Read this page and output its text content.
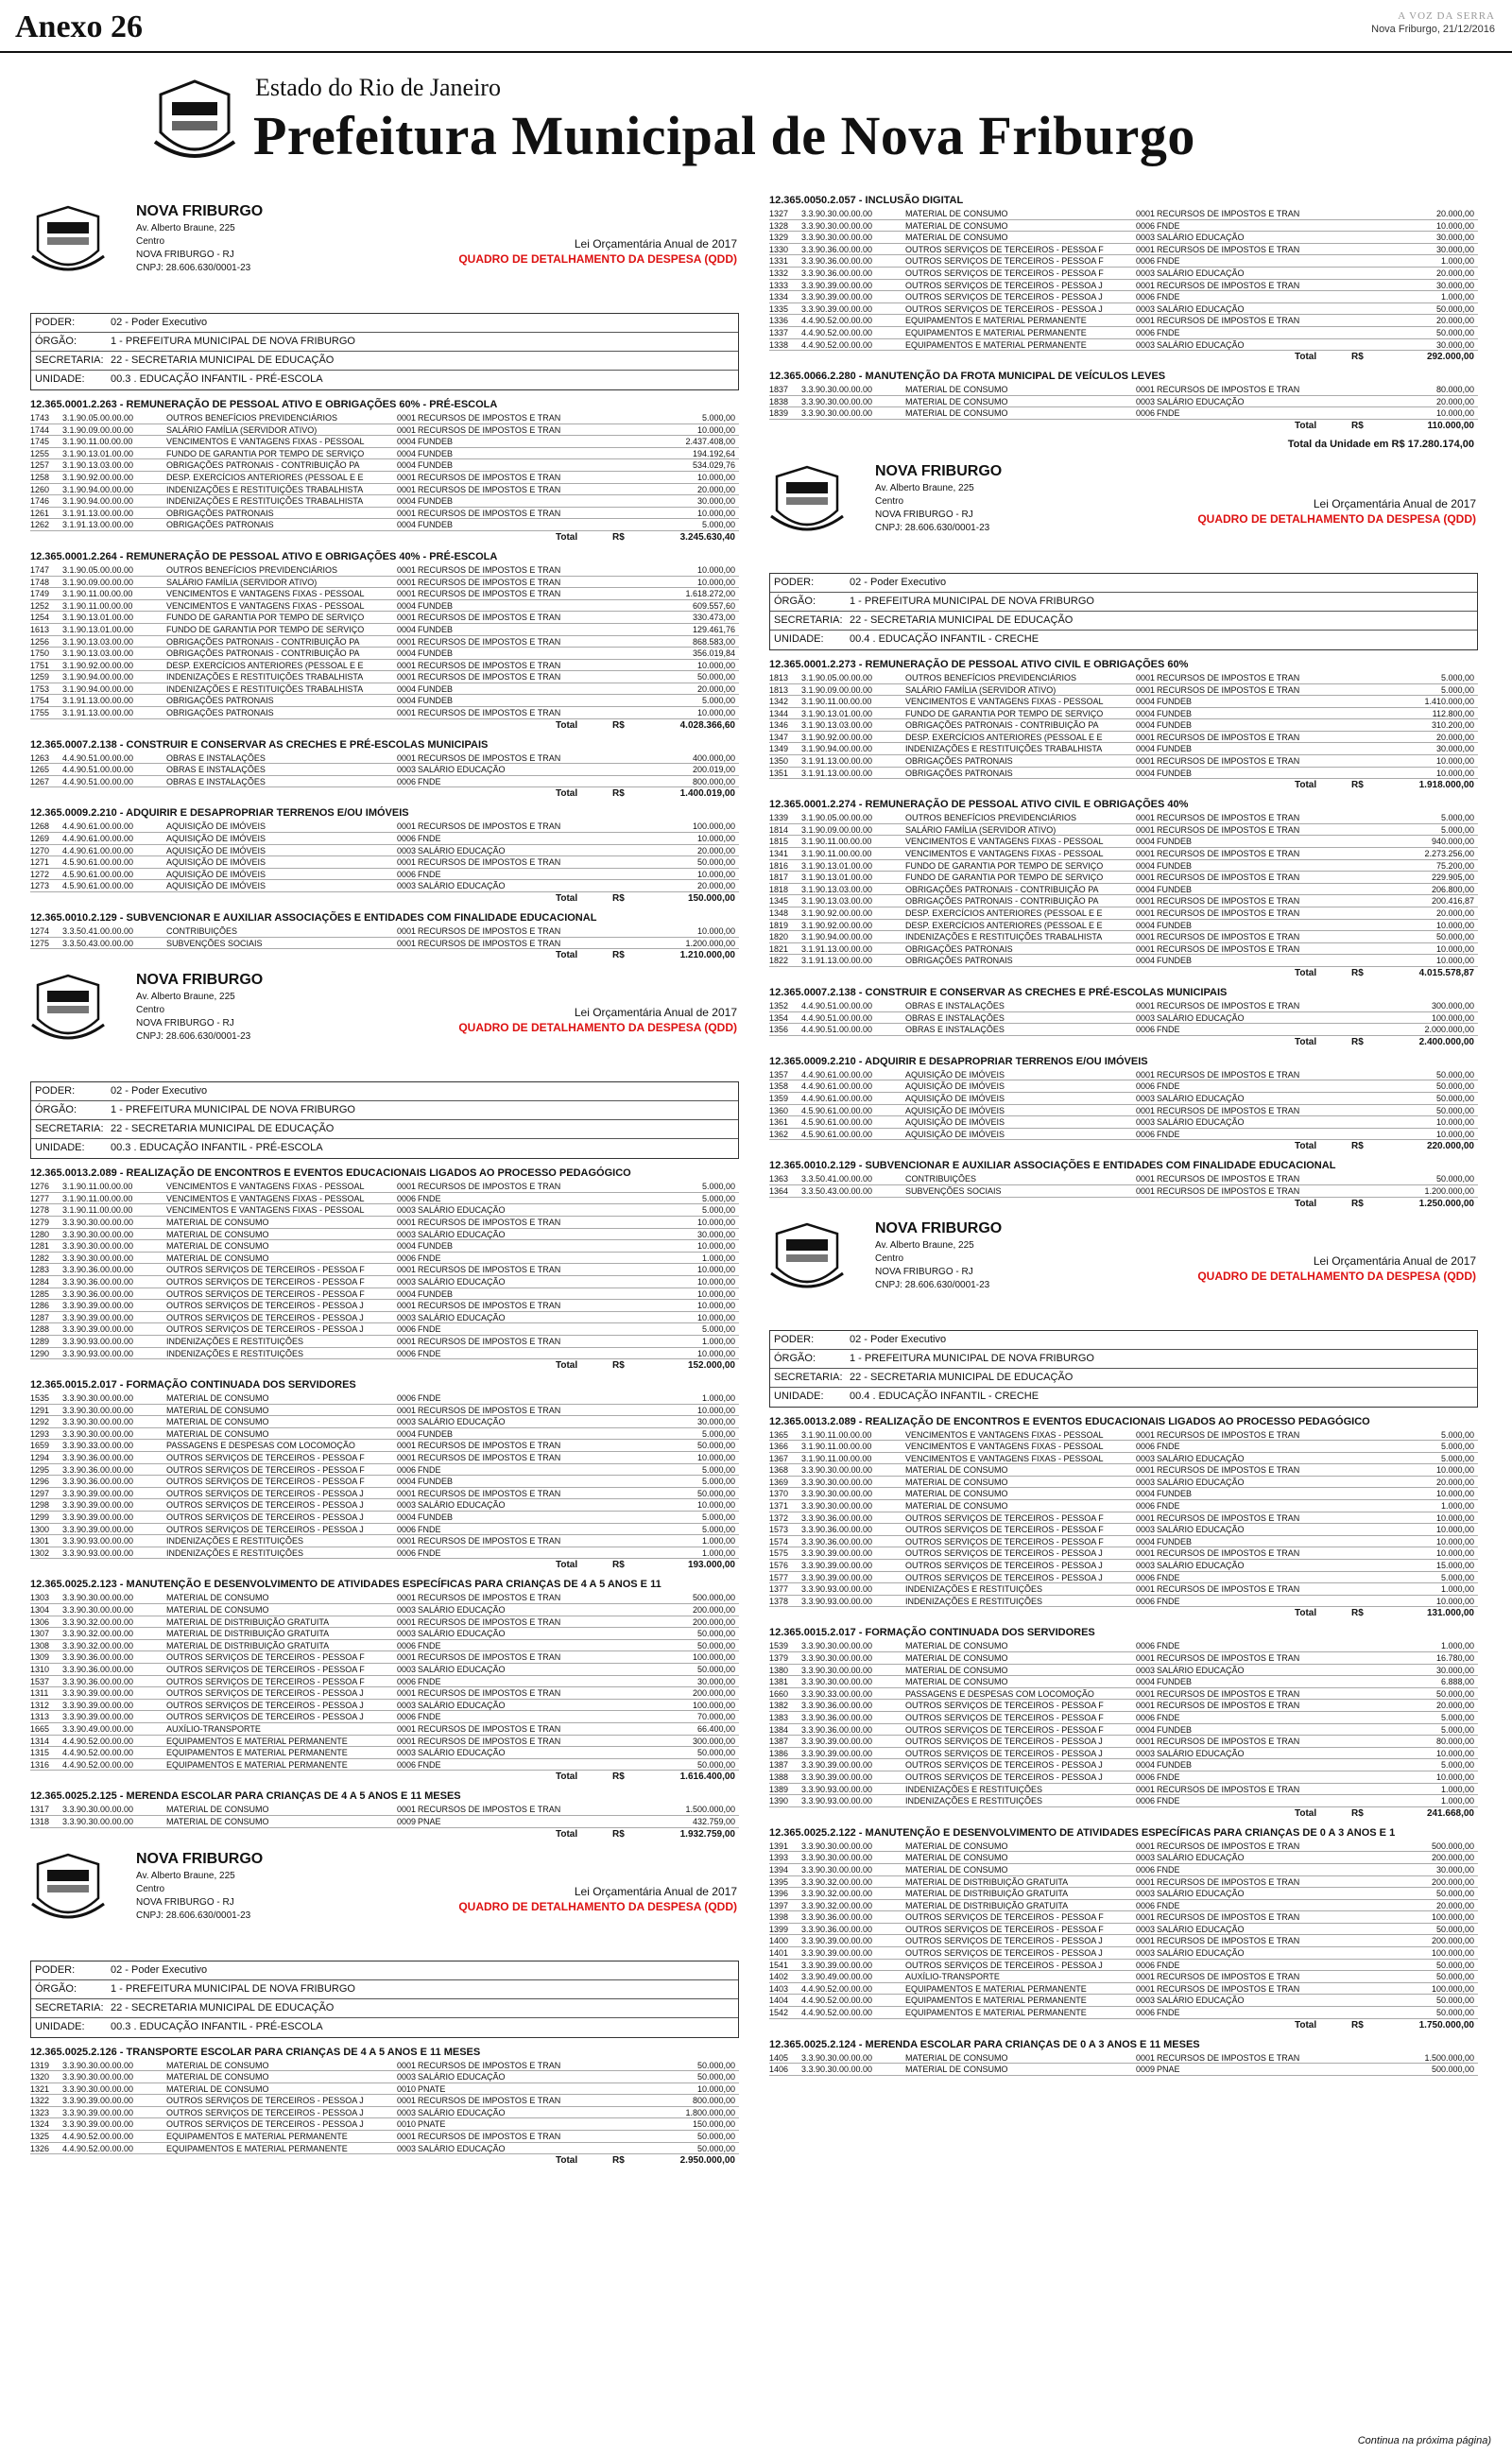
Anexo 26	A VOZ DA SERRA
Nova Friburgo, 21/12/2016
Estado do Rio de Janeiro
Prefeitura Municipal de Nova Friburgo
NOVA FRIBURGO
Av. Alberto Braune, 225
Centro
NOVA FRIBURGO - RJ
CNPJ: 28.606.630/0001-23
Lei Orçamentária Anual de 2017
QUADRO DE DETALHAMENTO DA DESPESA (QDD)
PODER:	02 - Poder Executivo
ÓRGÃO:	1 - PREFEITURA MUNICIPAL DE NOVA FRIBURGO
SECRETARIA: 22 - SECRETARIA MUNICIPAL DE EDUCAÇÃO
UNIDADE:	00.3 . EDUCAÇÃO INFANTIL - PRÉ-ESCOLA
12.365.0001.2.263 - REMUNERAÇÃO DE PESSOAL ATIVO E OBRIGAÇÕES 60% - PRÉ-ESCOLA
1743	3.1.90.05.00.00.00	OUTROS BENEFÍCIOS PREVIDENCIÁRIOS	0001 RECURSOS DE IMPOSTOS E TRAN	5.000,00
1744	3.1.90.09.00.00.00	SALÁRIO FAMÍLIA (SERVIDOR ATIVO)	0001 RECURSOS DE IMPOSTOS E TRAN	10.000,00
1745	3.1.90.11.00.00.00	VENCIMENTOS E VANTAGENS FIXAS - PESSOAL	0004 FUNDEB	2.437.408,00
1255	3.1.90.13.01.00.00	FUNDO DE GARANTIA POR TEMPO DE SERVIÇO	0004 FUNDEB	194.192,64
1257	3.1.90.13.03.00.00	OBRIGAÇÕES PATRONAIS - CONTRIBUIÇÃO PA	0004 FUNDEB	534.029,76
1258	3.1.90.92.00.00.00	DESP. EXERCÍCIOS ANTERIORES (PESSOAL E E	0001 RECURSOS DE IMPOSTOS E TRAN	10.000,00
1260	3.1.90.94.00.00.00	INDENIZAÇÕES E RESTITUIÇÕES TRABALHISTA	0001 RECURSOS DE IMPOSTOS E TRAN	20.000,00
1746	3.1.90.94.00.00.00	INDENIZAÇÕES E RESTITUIÇÕES TRABALHISTA	0004 FUNDEB	30.000,00
1261	3.1.91.13.00.00.00	OBRIGAÇÕES PATRONAIS	0001 RECURSOS DE IMPOSTOS E TRAN	10.000,00
1262	3.1.91.13.00.00.00	OBRIGAÇÕES PATRONAIS	0004 FUNDEB	5.000,00
Total	R$	3.245.630,40
12.365.0001.2.264 - REMUNERAÇÃO DE PESSOAL ATIVO E OBRIGAÇÕES 40% - PRÉ-ESCOLA
1747	3.1.90.05.00.00.00	OUTROS BENEFÍCIOS PREVIDENCIÁRIOS	0001 RECURSOS DE IMPOSTOS E TRAN	10.000,00
1748	3.1.90.09.00.00.00	SALÁRIO FAMÍLIA (SERVIDOR ATIVO)	0001 RECURSOS DE IMPOSTOS E TRAN	10.000,00
1749	3.1.90.11.00.00.00	VENCIMENTOS E VANTAGENS FIXAS - PESSOAL	0001 RECURSOS DE IMPOSTOS E TRAN	1.618.272,00
1252	3.1.90.11.00.00.00	VENCIMENTOS E VANTAGENS FIXAS - PESSOAL	0004 FUNDEB	609.557,60
1254	3.1.90.13.01.00.00	FUNDO DE GARANTIA POR TEMPO DE SERVIÇO	0001 RECURSOS DE IMPOSTOS E TRAN	330.473,00
1613	3.1.90.13.01.00.00	FUNDO DE GARANTIA POR TEMPO DE SERVIÇO	0004 FUNDEB	129.461,76
1256	3.1.90.13.03.00.00	OBRIGAÇÕES PATRONAIS - CONTRIBUIÇÃO PA	0001 RECURSOS DE IMPOSTOS E TRAN	868.583,00
1750	3.1.90.13.03.00.00	OBRIGAÇÕES PATRONAIS - CONTRIBUIÇÃO PA	0004 FUNDEB	356.019,84
1751	3.1.90.92.00.00.00	DESP. EXERCÍCIOS ANTERIORES (PESSOAL E E	0001 RECURSOS DE IMPOSTOS E TRAN	10.000,00
1259	3.1.90.94.00.00.00	INDENIZAÇÕES E RESTITUIÇÕES TRABALHISTA	0001 RECURSOS DE IMPOSTOS E TRAN	50.000,00
1753	3.1.90.94.00.00.00	INDENIZAÇÕES E RESTITUIÇÕES TRABALHISTA	0004 FUNDEB	20.000,00
1754	3.1.91.13.00.00.00	OBRIGAÇÕES PATRONAIS	0004 FUNDEB	5.000,00
1755	3.1.91.13.00.00.00	OBRIGAÇÕES PATRONAIS	0001 RECURSOS DE IMPOSTOS E TRAN	10.000,00
Total	R$	4.028.366,60
12.365.0007.2.138 - CONSTRUIR E CONSERVAR AS CRECHES E PRÉ-ESCOLAS MUNICIPAIS
1263	4.4.90.51.00.00.00	OBRAS E INSTALAÇÕES	0001 RECURSOS DE IMPOSTOS E TRAN	400.000,00
1265	4.4.90.51.00.00.00	OBRAS E INSTALAÇÕES	0003 SALÁRIO EDUCAÇÃO	200.019,00
1267	4.4.90.51.00.00.00	OBRAS E INSTALAÇÕES	0006 FNDE	800.000,00
Total	R$	1.400.019,00
12.365.0009.2.210 - ADQUIRIR E DESAPROPRIAR TERRENOS E/OU IMÓVEIS
1268	4.4.90.61.00.00.00	AQUISIÇÃO DE IMÓVEIS	0001 RECURSOS DE IMPOSTOS E TRAN	100.000,00
1269	4.4.90.61.00.00.00	AQUISIÇÃO DE IMÓVEIS	0006 FNDE	10.000,00
1270	4.4.90.61.00.00.00	AQUISIÇÃO DE IMÓVEIS	0003 SALÁRIO EDUCAÇÃO	20.000,00
1271	4.5.90.61.00.00.00	AQUISIÇÃO DE IMÓVEIS	0001 RECURSOS DE IMPOSTOS E TRAN	50.000,00
1272	4.5.90.61.00.00.00	AQUISIÇÃO DE IMÓVEIS	0006 FNDE	10.000,00
1273	4.5.90.61.00.00.00	AQUISIÇÃO DE IMÓVEIS	0003 SALÁRIO EDUCAÇÃO	20.000,00
Total	R$	150.000,00
12.365.0010.2.129 - SUBVENCIONAR E AUXILIAR ASSOCIAÇÕES E ENTIDADES COM FINALIDADE EDUCACIONAL
1274	3.3.50.41.00.00.00	CONTRIBUIÇÕES	0001 RECURSOS DE IMPOSTOS E TRAN	10.000,00
1275	3.3.50.43.00.00.00	SUBVENÇÕES SOCIAIS	0001 RECURSOS DE IMPOSTOS E TRAN	1.200.000,00
Total	R$	1.210.000,00
NOVA FRIBURGO
Av. Alberto Braune, 225
Centro
NOVA FRIBURGO - RJ
CNPJ: 28.606.630/0001-23
Lei Orçamentária Anual de 2017
QUADRO DE DETALHAMENTO DA DESPESA (QDD)
PODER:	02 - Poder Executivo
ÓRGÃO:	1 - PREFEITURA MUNICIPAL DE NOVA FRIBURGO
SECRETARIA: 22 - SECRETARIA MUNICIPAL DE EDUCAÇÃO
UNIDADE:	00.3 . EDUCAÇÃO INFANTIL - PRÉ-ESCOLA
12.365.0013.2.089 - REALIZAÇÃO DE ENCONTROS E EVENTOS EDUCACIONAIS LIGADOS AO PROCESSO PEDAGÓGICO
1276	3.1.90.11.00.00.00	VENCIMENTOS E VANTAGENS FIXAS - PESSOAL	0001 RECURSOS DE IMPOSTOS E TRAN	5.000,00
1277	3.1.90.11.00.00.00	VENCIMENTOS E VANTAGENS FIXAS - PESSOAL	0006 FNDE	5.000,00
1278	3.1.90.11.00.00.00	VENCIMENTOS E VANTAGENS FIXAS - PESSOAL	0003 SALÁRIO EDUCAÇÃO	5.000,00
1279	3.3.90.30.00.00.00	MATERIAL DE CONSUMO	0001 RECURSOS DE IMPOSTOS E TRAN	10.000,00
1280	3.3.90.30.00.00.00	MATERIAL DE CONSUMO	0003 SALÁRIO EDUCAÇÃO	30.000,00
1281	3.3.90.30.00.00.00	MATERIAL DE CONSUMO	0004 FUNDEB	10.000,00
1282	3.3.90.30.00.00.00	MATERIAL DE CONSUMO	0006 FNDE	1.000,00
1283	3.3.90.36.00.00.00	OUTROS SERVIÇOS DE TERCEIROS - PESSOA F	0001 RECURSOS DE IMPOSTOS E TRAN	10.000,00
1284	3.3.90.36.00.00.00	OUTROS SERVIÇOS DE TERCEIROS - PESSOA F	0003 SALÁRIO EDUCAÇÃO	10.000,00
1285	3.3.90.36.00.00.00	OUTROS SERVIÇOS DE TERCEIROS - PESSOA F	0004 FUNDEB	10.000,00
1286	3.3.90.39.00.00.00	OUTROS SERVIÇOS DE TERCEIROS - PESSOA J	0001 RECURSOS DE IMPOSTOS E TRAN	10.000,00
1287	3.3.90.39.00.00.00	OUTROS SERVIÇOS DE TERCEIROS - PESSOA J	0003 SALÁRIO EDUCAÇÃO	10.000,00
1288	3.3.90.39.00.00.00	OUTROS SERVIÇOS DE TERCEIROS - PESSOA J	0006 FNDE	5.000,00
1289	3.3.90.93.00.00.00	INDENIZAÇÕES E RESTITUIÇÕES	0001 RECURSOS DE IMPOSTOS E TRAN	1.000,00
1290	3.3.90.93.00.00.00	INDENIZAÇÕES E RESTITUIÇÕES	0006 FNDE	10.000,00
Total	R$	152.000,00
12.365.0015.2.017 - FORMAÇÃO CONTINUADA DOS SERVIDORES
1535	3.3.90.30.00.00.00	MATERIAL DE CONSUMO	0006 FNDE	1.000,00
1291	3.3.90.30.00.00.00	MATERIAL DE CONSUMO	0001 RECURSOS DE IMPOSTOS E TRAN	10.000,00
1292	3.3.90.30.00.00.00	MATERIAL DE CONSUMO	0003 SALÁRIO EDUCAÇÃO	30.000,00
1293	3.3.90.30.00.00.00	MATERIAL DE CONSUMO	0004 FUNDEB	5.000,00
1659	3.3.90.33.00.00.00	PASSAGENS E DESPESAS COM LOCOMOÇÃO	0001 RECURSOS DE IMPOSTOS E TRAN	50.000,00
1294	3.3.90.36.00.00.00	OUTROS SERVIÇOS DE TERCEIROS - PESSOA F	0001 RECURSOS DE IMPOSTOS E TRAN	10.000,00
1295	3.3.90.36.00.00.00	OUTROS SERVIÇOS DE TERCEIROS - PESSOA F	0006 FNDE	5.000,00
1296	3.3.90.36.00.00.00	OUTROS SERVIÇOS DE TERCEIROS - PESSOA F	0004 FUNDEB	5.000,00
1297	3.3.90.39.00.00.00	OUTROS SERVIÇOS DE TERCEIROS - PESSOA J	0001 RECURSOS DE IMPOSTOS E TRAN	50.000,00
1298	3.3.90.39.00.00.00	OUTROS SERVIÇOS DE TERCEIROS - PESSOA J	0003 SALÁRIO EDUCAÇÃO	10.000,00
1299	3.3.90.39.00.00.00	OUTROS SERVIÇOS DE TERCEIROS - PESSOA J	0004 FUNDEB	5.000,00
1300	3.3.90.39.00.00.00	OUTROS SERVIÇOS DE TERCEIROS - PESSOA J	0006 FNDE	5.000,00
1301	3.3.90.93.00.00.00	INDENIZAÇÕES E RESTITUIÇÕES	0001 RECURSOS DE IMPOSTOS E TRAN	1.000,00
1302	3.3.90.93.00.00.00	INDENIZAÇÕES E RESTITUIÇÕES	0006 FNDE	1.000,00
Total	R$	193.000,00
12.365.0025.2.123 - MANUTENÇÃO E DESENVOLVIMENTO DE ATIVIDADES ESPECÍFICAS PARA CRIANÇAS DE 4 A 5 ANOS E 11
1303	3.3.90.30.00.00.00	MATERIAL DE CONSUMO	0001 RECURSOS DE IMPOSTOS E TRAN	500.000,00
1304	3.3.90.30.00.00.00	MATERIAL DE CONSUMO	0003 SALÁRIO EDUCAÇÃO	200.000,00
1306	3.3.90.32.00.00.00	MATERIAL DE DISTRIBUIÇÃO GRATUITA	0001 RECURSOS DE IMPOSTOS E TRAN	200.000,00
1307	3.3.90.32.00.00.00	MATERIAL DE DISTRIBUIÇÃO GRATUITA	0003 SALÁRIO EDUCAÇÃO	50.000,00
1308	3.3.90.32.00.00.00	MATERIAL DE DISTRIBUIÇÃO GRATUITA	0006 FNDE	50.000,00
1309	3.3.90.36.00.00.00	OUTROS SERVIÇOS DE TERCEIROS - PESSOA F	0001 RECURSOS DE IMPOSTOS E TRAN	100.000,00
1310	3.3.90.36.00.00.00	OUTROS SERVIÇOS DE TERCEIROS - PESSOA F	0003 SALÁRIO EDUCAÇÃO	50.000,00
1537	3.3.90.36.00.00.00	OUTROS SERVIÇOS DE TERCEIROS - PESSOA F	0006 FNDE	30.000,00
1311	3.3.90.39.00.00.00	OUTROS SERVIÇOS DE TERCEIROS - PESSOA J	0001 RECURSOS DE IMPOSTOS E TRAN	200.000,00
1312	3.3.90.39.00.00.00	OUTROS SERVIÇOS DE TERCEIROS - PESSOA J	0003 SALÁRIO EDUCAÇÃO	100.000,00
1313	3.3.90.39.00.00.00	OUTROS SERVIÇOS DE TERCEIROS - PESSOA J	0006 FNDE	70.000,00
1665	3.3.90.49.00.00.00	AUXÍLIO-TRANSPORTE	0001 RECURSOS DE IMPOSTOS E TRAN	66.400,00
1314	4.4.90.52.00.00.00	EQUIPAMENTOS E MATERIAL PERMANENTE	0001 RECURSOS DE IMPOSTOS E TRAN	300.000,00
1315	4.4.90.52.00.00.00	EQUIPAMENTOS E MATERIAL PERMANENTE	0003 SALÁRIO EDUCAÇÃO	50.000,00
1316	4.4.90.52.00.00.00	EQUIPAMENTOS E MATERIAL PERMANENTE	0006 FNDE	50.000,00
Total	R$	1.616.400,00
12.365.0025.2.125 - MERENDA ESCOLAR PARA CRIANÇAS DE 4 A 5 ANOS E 11 MESES
1317	3.3.90.30.00.00.00	MATERIAL DE CONSUMO	0001 RECURSOS DE IMPOSTOS E TRAN	1.500.000,00
1318	3.3.90.30.00.00.00	MATERIAL DE CONSUMO	0009 PNAE	432.759,00
Total	R$	1.932.759,00
NOVA FRIBURGO
Av. Alberto Braune, 225
Centro
NOVA FRIBURGO - RJ
CNPJ: 28.606.630/0001-23
Lei Orçamentária Anual de 2017
QUADRO DE DETALHAMENTO DA DESPESA (QDD)
PODER:	02 - Poder Executivo
ÓRGÃO:	1 - PREFEITURA MUNICIPAL DE NOVA FRIBURGO
SECRETARIA: 22 - SECRETARIA MUNICIPAL DE EDUCAÇÃO
UNIDADE:	00.3 . EDUCAÇÃO INFANTIL - PRÉ-ESCOLA
12.365.0025.2.126 - TRANSPORTE ESCOLAR PARA CRIANÇAS DE 4 A 5 ANOS E 11 MESES
1319	3.3.90.30.00.00.00	MATERIAL DE CONSUMO	0001 RECURSOS DE IMPOSTOS E TRAN	50.000,00
1320	3.3.90.30.00.00.00	MATERIAL DE CONSUMO	0003 SALÁRIO EDUCAÇÃO	50.000,00
1321	3.3.90.30.00.00.00	MATERIAL DE CONSUMO	0010 PNATE	10.000,00
1322	3.3.90.39.00.00.00	OUTROS SERVIÇOS DE TERCEIROS - PESSOA J	0001 RECURSOS DE IMPOSTOS E TRAN	800.000,00
1323	3.3.90.39.00.00.00	OUTROS SERVIÇOS DE TERCEIROS - PESSOA J	0003 SALÁRIO EDUCAÇÃO	1.800.000,00
1324	3.3.90.39.00.00.00	OUTROS SERVIÇOS DE TERCEIROS - PESSOA J	0010 PNATE	150.000,00
1325	4.4.90.52.00.00.00	EQUIPAMENTOS E MATERIAL PERMANENTE	0001 RECURSOS DE IMPOSTOS E TRAN	50.000,00
1326	4.4.90.52.00.00.00	EQUIPAMENTOS E MATERIAL PERMANENTE	0003 SALÁRIO EDUCAÇÃO	50.000,00
Total	R$	2.950.000,00
12.365.0050.2.057 - INCLUSÃO DIGITAL
1327	3.3.90.30.00.00.00	MATERIAL DE CONSUMO	0001 RECURSOS DE IMPOSTOS E TRAN	20.000,00
1328	3.3.90.30.00.00.00	MATERIAL DE CONSUMO	0006 FNDE	10.000,00
1329	3.3.90.30.00.00.00	MATERIAL DE CONSUMO	0003 SALÁRIO EDUCAÇÃO	30.000,00
1330	3.3.90.36.00.00.00	OUTROS SERVIÇOS DE TERCEIROS - PESSOA F	0001 RECURSOS DE IMPOSTOS E TRAN	30.000,00
1331	3.3.90.36.00.00.00	OUTROS SERVIÇOS DE TERCEIROS - PESSOA F	0006 FNDE	1.000,00
1332	3.3.90.36.00.00.00	OUTROS SERVIÇOS DE TERCEIROS - PESSOA F	0003 SALÁRIO EDUCAÇÃO	20.000,00
1333	3.3.90.39.00.00.00	OUTROS SERVIÇOS DE TERCEIROS - PESSOA J	0001 RECURSOS DE IMPOSTOS E TRAN	30.000,00
1334	3.3.90.39.00.00.00	OUTROS SERVIÇOS DE TERCEIROS - PESSOA J	0006 FNDE	1.000,00
1335	3.3.90.39.00.00.00	OUTROS SERVIÇOS DE TERCEIROS - PESSOA J	0003 SALÁRIO EDUCAÇÃO	50.000,00
1336	4.4.90.52.00.00.00	EQUIPAMENTOS E MATERIAL PERMANENTE	0001 RECURSOS DE IMPOSTOS E TRAN	20.000,00
1337	4.4.90.52.00.00.00	EQUIPAMENTOS E MATERIAL PERMANENTE	0006 FNDE	50.000,00
1338	4.4.90.52.00.00.00	EQUIPAMENTOS E MATERIAL PERMANENTE	0003 SALÁRIO EDUCAÇÃO	30.000,00
Total	R$	292.000,00
12.365.0066.2.280 - MANUTENÇÃO DA FROTA MUNICIPAL DE VEÍCULOS LEVES
1837	3.3.90.30.00.00.00	MATERIAL DE CONSUMO	0001 RECURSOS DE IMPOSTOS E TRAN	80.000,00
1838	3.3.90.30.00.00.00	MATERIAL DE CONSUMO	0003 SALÁRIO EDUCAÇÃO	20.000,00
1839	3.3.90.30.00.00.00	MATERIAL DE CONSUMO	0006 FNDE	10.000,00
Total	R$	110.000,00
Total da Unidade em R$ 17.280.174,00
NOVA FRIBURGO
Av. Alberto Braune, 225
Centro
NOVA FRIBURGO - RJ
CNPJ: 28.606.630/0001-23
Lei Orçamentária Anual de 2017
QUADRO DE DETALHAMENTO DA DESPESA (QDD)
PODER:	02 - Poder Executivo
ÓRGÃO:	1 - PREFEITURA MUNICIPAL DE NOVA FRIBURGO
SECRETARIA: 22 - SECRETARIA MUNICIPAL DE EDUCAÇÃO
UNIDADE:	00.4 . EDUCAÇÃO INFANTIL - CRECHE
12.365.0001.2.273 - REMUNERAÇÃO DE PESSOAL ATIVO CIVIL E OBRIGAÇÕES 60%
1813	3.1.90.05.00.00.00	OUTROS BENEFÍCIOS PREVIDENCIÁRIOS	0001 RECURSOS DE IMPOSTOS E TRAN	5.000,00
1813	3.1.90.09.00.00.00	SALÁRIO FAMÍLIA (SERVIDOR ATIVO)	0001 RECURSOS DE IMPOSTOS E TRAN	5.000,00
1342	3.1.90.11.00.00.00	VENCIMENTOS E VANTAGENS FIXAS - PESSOAL	0004 FUNDEB	1.410.000,00
1344	3.1.90.13.01.00.00	FUNDO DE GARANTIA POR TEMPO DE SERVIÇO	0004 FUNDEB	112.800,00
1346	3.1.90.13.03.00.00	OBRIGAÇÕES PATRONAIS - CONTRIBUIÇÃO PA	0004 FUNDEB	310.200,00
1347	3.1.90.92.00.00.00	DESP. EXERCÍCIOS ANTERIORES (PESSOAL E E	0001 RECURSOS DE IMPOSTOS E TRAN	20.000,00
1349	3.1.90.94.00.00.00	INDENIZAÇÕES E RESTITUIÇÕES TRABALHISTA	0004 FUNDEB	30.000,00
1350	3.1.91.13.00.00.00	OBRIGAÇÕES PATRONAIS	0001 RECURSOS DE IMPOSTOS E TRAN	10.000,00
1351	3.1.91.13.00.00.00	OBRIGAÇÕES PATRONAIS	0004 FUNDEB	10.000,00
Total	R$	1.918.000,00
12.365.0001.2.274 - REMUNERAÇÃO DE PESSOAL ATIVO CIVIL E OBRIGAÇÕES 40%
1339	3.1.90.05.00.00.00	OUTROS BENEFÍCIOS PREVIDENCIÁRIOS	0001 RECURSOS DE IMPOSTOS E TRAN	5.000,00
1814	3.1.90.09.00.00.00	SALÁRIO FAMÍLIA (SERVIDOR ATIVO)	0001 RECURSOS DE IMPOSTOS E TRAN	5.000,00
1815	3.1.90.11.00.00.00	VENCIMENTOS E VANTAGENS FIXAS - PESSOAL	0004 FUNDEB	940.000,00
1341	3.1.90.11.00.00.00	VENCIMENTOS E VANTAGENS FIXAS - PESSOAL	0001 RECURSOS DE IMPOSTOS E TRAN	2.273.256,00
1816	3.1.90.13.01.00.00	FUNDO DE GARANTIA POR TEMPO DE SERVIÇO	0004 FUNDEB	75.200,00
1817	3.1.90.13.01.00.00	FUNDO DE GARANTIA POR TEMPO DE SERVIÇO	0001 RECURSOS DE IMPOSTOS E TRAN	229.905,00
1818	3.1.90.13.03.00.00	OBRIGAÇÕES PATRONAIS - CONTRIBUIÇÃO PA	0004 FUNDEB	206.800,00
1345	3.1.90.13.03.00.00	OBRIGAÇÕES PATRONAIS - CONTRIBUIÇÃO PA	0001 RECURSOS DE IMPOSTOS E TRAN	200.416,87
1348	3.1.90.92.00.00.00	DESP. EXERCÍCIOS ANTERIORES (PESSOAL E E	0001 RECURSOS DE IMPOSTOS E TRAN	20.000,00
1819	3.1.90.92.00.00.00	DESP. EXERCÍCIOS ANTERIORES (PESSOAL E E	0004 FUNDEB	10.000,00
1820	3.1.90.94.00.00.00	INDENIZAÇÕES E RESTITUIÇÕES TRABALHISTA	0001 RECURSOS DE IMPOSTOS E TRAN	50.000,00
1821	3.1.91.13.00.00.00	OBRIGAÇÕES PATRONAIS	0001 RECURSOS DE IMPOSTOS E TRAN	10.000,00
1822	3.1.91.13.00.00.00	OBRIGAÇÕES PATRONAIS	0004 FUNDEB	10.000,00
Total	R$	4.015.578,87
12.365.0007.2.138 - CONSTRUIR E CONSERVAR AS CRECHES E PRÉ-ESCOLAS MUNICIPAIS
1352	4.4.90.51.00.00.00	OBRAS E INSTALAÇÕES	0001 RECURSOS DE IMPOSTOS E TRAN	300.000,00
1354	4.4.90.51.00.00.00	OBRAS E INSTALAÇÕES	0003 SALÁRIO EDUCAÇÃO	100.000,00
1356	4.4.90.51.00.00.00	OBRAS E INSTALAÇÕES	0006 FNDE	2.000.000,00
Total	R$	2.400.000,00
12.365.0009.2.210 - ADQUIRIR E DESAPROPRIAR TERRENOS E/OU IMÓVEIS
1357	4.4.90.61.00.00.00	AQUISIÇÃO DE IMÓVEIS	0001 RECURSOS DE IMPOSTOS E TRAN	50.000,00
1358	4.4.90.61.00.00.00	AQUISIÇÃO DE IMÓVEIS	0006 FNDE	50.000,00
1359	4.4.90.61.00.00.00	AQUISIÇÃO DE IMÓVEIS	0003 SALÁRIO EDUCAÇÃO	50.000,00
1360	4.5.90.61.00.00.00	AQUISIÇÃO DE IMÓVEIS	0001 RECURSOS DE IMPOSTOS E TRAN	50.000,00
1361	4.5.90.61.00.00.00	AQUISIÇÃO DE IMÓVEIS	0003 SALÁRIO EDUCAÇÃO	10.000,00
1362	4.5.90.61.00.00.00	AQUISIÇÃO DE IMÓVEIS	0006 FNDE	10.000,00
Total	R$	220.000,00
12.365.0010.2.129 - SUBVENCIONAR E AUXILIAR ASSOCIAÇÕES E ENTIDADES COM FINALIDADE EDUCACIONAL
1363	3.3.50.41.00.00.00	CONTRIBUIÇÕES	0001 RECURSOS DE IMPOSTOS E TRAN	50.000,00
1364	3.3.50.43.00.00.00	SUBVENÇÕES SOCIAIS	0001 RECURSOS DE IMPOSTOS E TRAN	1.200.000,00
Total	R$	1.250.000,00
NOVA FRIBURGO
Av. Alberto Braune, 225
Centro
NOVA FRIBURGO - RJ
CNPJ: 28.606.630/0001-23
Lei Orçamentária Anual de 2017
QUADRO DE DETALHAMENTO DA DESPESA (QDD)
PODER:	02 - Poder Executivo
ÓRGÃO:	1 - PREFEITURA MUNICIPAL DE NOVA FRIBURGO
SECRETARIA: 22 - SECRETARIA MUNICIPAL DE EDUCAÇÃO
UNIDADE:	00.4 . EDUCAÇÃO INFANTIL - CRECHE
12.365.0013.2.089 - REALIZAÇÃO DE ENCONTROS E EVENTOS EDUCACIONAIS LIGADOS AO PROCESSO PEDAGÓGICO
1365	3.1.90.11.00.00.00	VENCIMENTOS E VANTAGENS FIXAS - PESSOAL	0001 RECURSOS DE IMPOSTOS E TRAN	5.000,00
1366	3.1.90.11.00.00.00	VENCIMENTOS E VANTAGENS FIXAS - PESSOAL	0006 FNDE	5.000,00
1367	3.1.90.11.00.00.00	VENCIMENTOS E VANTAGENS FIXAS - PESSOAL	0003 SALÁRIO EDUCAÇÃO	5.000,00
1368	3.3.90.30.00.00.00	MATERIAL DE CONSUMO	0001 RECURSOS DE IMPOSTOS E TRAN	10.000,00
1369	3.3.90.30.00.00.00	MATERIAL DE CONSUMO	0003 SALÁRIO EDUCAÇÃO	20.000,00
1370	3.3.90.30.00.00.00	MATERIAL DE CONSUMO	0004 FUNDEB	10.000,00
1371	3.3.90.30.00.00.00	MATERIAL DE CONSUMO	0006 FNDE	1.000,00
1372	3.3.90.36.00.00.00	OUTROS SERVIÇOS DE TERCEIROS - PESSOA F	0001 RECURSOS DE IMPOSTOS E TRAN	10.000,00
1573	3.3.90.36.00.00.00	OUTROS SERVIÇOS DE TERCEIROS - PESSOA F	0003 SALÁRIO EDUCAÇÃO	10.000,00
1574	3.3.90.36.00.00.00	OUTROS SERVIÇOS DE TERCEIROS - PESSOA F	0004 FUNDEB	10.000,00
1575	3.3.90.39.00.00.00	OUTROS SERVIÇOS DE TERCEIROS - PESSOA J	0001 RECURSOS DE IMPOSTOS E TRAN	10.000,00
1576	3.3.90.39.00.00.00	OUTROS SERVIÇOS DE TERCEIROS - PESSOA J	0003 SALÁRIO EDUCAÇÃO	15.000,00
1577	3.3.90.39.00.00.00	OUTROS SERVIÇOS DE TERCEIROS - PESSOA J	0006 FNDE	5.000,00
1377	3.3.90.93.00.00.00	INDENIZAÇÕES E RESTITUIÇÕES	0001 RECURSOS DE IMPOSTOS E TRAN	1.000,00
1378	3.3.90.93.00.00.00	INDENIZAÇÕES E RESTITUIÇÕES	0006 FNDE	10.000,00
Total	R$	131.000,00
12.365.0015.2.017 - FORMAÇÃO CONTINUADA DOS SERVIDORES
1539	3.3.90.30.00.00.00	MATERIAL DE CONSUMO	0006 FNDE	1.000,00
1379	3.3.90.30.00.00.00	MATERIAL DE CONSUMO	0001 RECURSOS DE IMPOSTOS E TRAN	16.780,00
1380	3.3.90.30.00.00.00	MATERIAL DE CONSUMO	0003 SALÁRIO EDUCAÇÃO	30.000,00
1381	3.3.90.30.00.00.00	MATERIAL DE CONSUMO	0004 FUNDEB	6.888,00
1660	3.3.90.33.00.00.00	PASSAGENS E DESPESAS COM LOCOMOÇÃO	0001 RECURSOS DE IMPOSTOS E TRAN	50.000,00
1382	3.3.90.36.00.00.00	OUTROS SERVIÇOS DE TERCEIROS - PESSOA F	0001 RECURSOS DE IMPOSTOS E TRAN	20.000,00
1383	3.3.90.36.00.00.00	OUTROS SERVIÇOS DE TERCEIROS - PESSOA F	0006 FNDE	5.000,00
1384	3.3.90.36.00.00.00	OUTROS SERVIÇOS DE TERCEIROS - PESSOA F	0004 FUNDEB	5.000,00
1387	3.3.90.39.00.00.00	OUTROS SERVIÇOS DE TERCEIROS - PESSOA J	0001 RECURSOS DE IMPOSTOS E TRAN	80.000,00
1386	3.3.90.39.00.00.00	OUTROS SERVIÇOS DE TERCEIROS - PESSOA J	0003 SALÁRIO EDUCAÇÃO	10.000,00
1387	3.3.90.39.00.00.00	OUTROS SERVIÇOS DE TERCEIROS - PESSOA J	0004 FUNDEB	5.000,00
1388	3.3.90.39.00.00.00	OUTROS SERVIÇOS DE TERCEIROS - PESSOA J	0006 FNDE	10.000,00
1389	3.3.90.93.00.00.00	INDENIZAÇÕES E RESTITUIÇÕES	0001 RECURSOS DE IMPOSTOS E TRAN	1.000,00
1390	3.3.90.93.00.00.00	INDENIZAÇÕES E RESTITUIÇÕES	0006 FNDE	1.000,00
Total	R$	241.668,00
12.365.0025.2.122 - MANUTENÇÃO E DESENVOLVIMENTO DE ATIVIDADES ESPECÍFICAS PARA CRIANÇAS DE 0 A 3 ANOS E 1
1391	3.3.90.30.00.00.00	MATERIAL DE CONSUMO	0001 RECURSOS DE IMPOSTOS E TRAN	500.000,00
1393	3.3.90.30.00.00.00	MATERIAL DE CONSUMO	0003 SALÁRIO EDUCAÇÃO	200.000,00
1394	3.3.90.30.00.00.00	MATERIAL DE CONSUMO	0006 FNDE	30.000,00
1395	3.3.90.32.00.00.00	MATERIAL DE DISTRIBUIÇÃO GRATUITA	0001 RECURSOS DE IMPOSTOS E TRAN	200.000,00
1396	3.3.90.32.00.00.00	MATERIAL DE DISTRIBUIÇÃO GRATUITA	0003 SALÁRIO EDUCAÇÃO	50.000,00
1397	3.3.90.32.00.00.00	MATERIAL DE DISTRIBUIÇÃO GRATUITA	0006 FNDE	20.000,00
1398	3.3.90.36.00.00.00	OUTROS SERVIÇOS DE TERCEIROS - PESSOA F	0001 RECURSOS DE IMPOSTOS E TRAN	100.000,00
1399	3.3.90.36.00.00.00	OUTROS SERVIÇOS DE TERCEIROS - PESSOA F	0003 SALÁRIO EDUCAÇÃO	50.000,00
1400	3.3.90.39.00.00.00	OUTROS SERVIÇOS DE TERCEIROS - PESSOA J	0001 RECURSOS DE IMPOSTOS E TRAN	200.000,00
1401	3.3.90.39.00.00.00	OUTROS SERVIÇOS DE TERCEIROS - PESSOA J	0003 SALÁRIO EDUCAÇÃO	100.000,00
1541	3.3.90.39.00.00.00	OUTROS SERVIÇOS DE TERCEIROS - PESSOA J	0006 FNDE	50.000,00
1402	3.3.90.49.00.00.00	AUXÍLIO-TRANSPORTE	0001 RECURSOS DE IMPOSTOS E TRAN	50.000,00
1403	4.4.90.52.00.00.00	EQUIPAMENTOS E MATERIAL PERMANENTE	0001 RECURSOS DE IMPOSTOS E TRAN	100.000,00
1404	4.4.90.52.00.00.00	EQUIPAMENTOS E MATERIAL PERMANENTE	0003 SALÁRIO EDUCAÇÃO	50.000,00
1542	4.4.90.52.00.00.00	EQUIPAMENTOS E MATERIAL PERMANENTE	0006 FNDE	50.000,00
Total	R$	1.750.000,00
12.365.0025.2.124 - MERENDA ESCOLAR PARA CRIANÇAS DE 0 A 3 ANOS E 11 MESES
1405	3.3.90.30.00.00.00	MATERIAL DE CONSUMO	0001 RECURSOS DE IMPOSTOS E TRAN	1.500.000,00
1406	3.3.90.30.00.00.00	MATERIAL DE CONSUMO	0009 PNAE	500.000,00
Continua na próxima página)
